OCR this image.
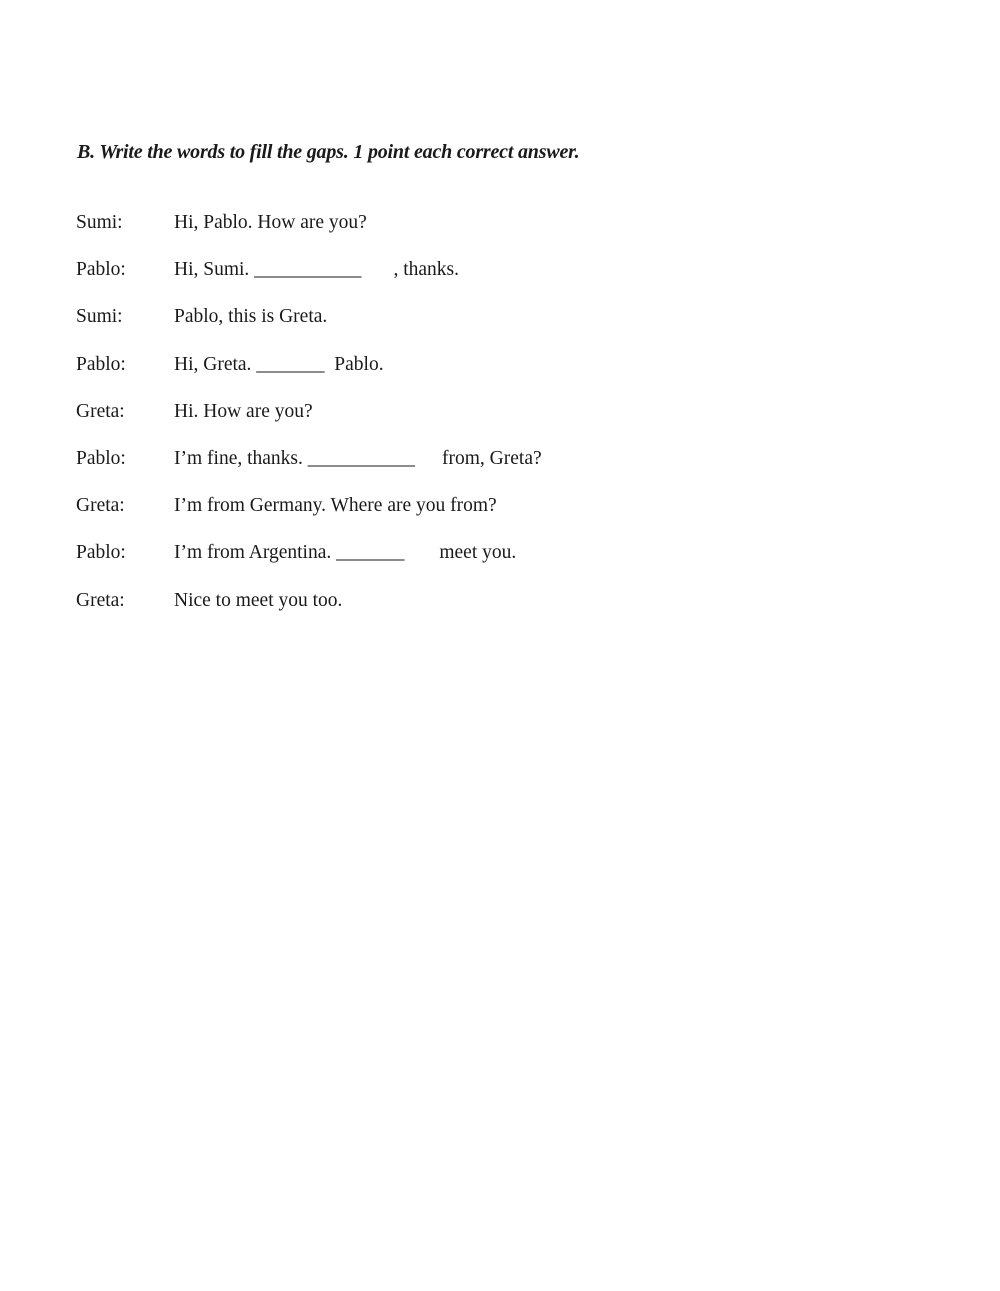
B. Write the words to fill the gaps. 1 point each correct answer.
Sumi:	Hi, Pablo. How are you?
Pablo: Hi, Sumi. ___________ , thanks.
Sumi:	Pablo, this is Greta.
Pablo: Hi, Greta. _______  Pablo.
Greta:	Hi. How are you?
Pablo: I’m fine, thanks. ___________ from, Greta?
Greta:	I’m from Germany. Where are you from?
Pablo: I’m from Argentina. _______ meet you.
Greta:	Nice to meet you too.
